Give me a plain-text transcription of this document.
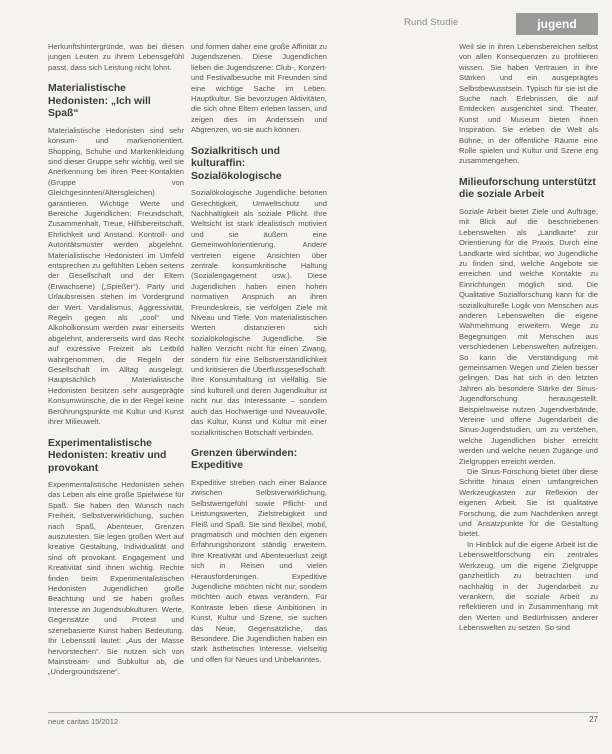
Rund Studie	jugend

Herkunftshintergründe, was bei diesen jungen Leuten zu ihrem Lebensgefühl passt, dass sich Leistung nicht lohnt.

Materialistische Hedonisten: „Ich will Spaß“

Materialistische Hedonisten sind sehr konsum- und markenorientiert. Shopping, Schuhe und Markenkleidung sind dieser Gruppe sehr wichtig, weil sie Anerkennung bei ihren Peer-Kontakten (Gruppe von Gleichgesinnten/Altersgleichen) garantieren. Wichtige Werte und Bereiche Jugendlichen: Freundschaft, Zusammenhalt, Treue, Hilfsbereitschaft, Ehrlichkeit und Anstand. Kontroll- und Autoritätsmuster werden abgelehnt. Materialistische Hedonisten im Umfeld entsprechen zu gefühlten Leben seitens der Gesellschaft und der Eltern (Erwachsene) („Spießer“). Party und Urlaubsreisen stehen im Vordergrund der Wert. Vandalismus, Aggressivität, Regeln gegen als „cool“ und Alkoholkonsum werden zwar einerseits abgelehnt, andererseits wird das Recht auf exzessive Freizeit als Leitbild wahrgenommen, die Regeln der Gesellschaft im Alltag ausgelegt. Hauptsächlich Materialistische Hedonisten besitzen sehr ausgeprägte Konsumwünsche, die in der Regel keine Berührungspunkte mit Kultur und Kunst ihrer Milieuwelt.

Experimentalistische Hedonisten: kreativ und provokant

Experimentalistische Hedonisten sehen das Leben als eine große Spielwiese für Spaß. Sie haben den Wunsch nach Freiheit, Selbstverwirklichung, suchen nach Spaß, Abenteuer, Grenzen auszutesten. Sie legen großen Wert auf kreative Gestaltung, Individualität und sind oft provokant. Engagement und Kreativität sind ihnen wichtig. Rechte finden beim Experimentalistischen Hedonisten Jugendlichen große Beachtung und sie haben großes Interesse an Jugendsubkulturen. Werte, Gegensätze und Protest und szenebasierte Kunst haben Bedeutung. Ihr Lebensstil lautet: „Aus der Masse hervorstechen“. Sie nutzen sich von Mainstream- und Subkultur ab, die „Undergroundszene“.

und formen daher eine große Affinität zu Jugendszenen. Diese Jugendlichen lieben die Jugendszene: Club-, Konzert- und Festivalbesuche mit Freunden sind eine wichtige Sache im Leben. Hauptkultur. Sie bevorzugen Aktivitäten, die sich ohne Eltern erleben lassen, und zeigen dies im Anderssein und Abgrenzen, wo sie auch können.

Sozialkritisch und kulturaffin: Sozialökologische

Sozialökologische Jugendliche betonen Gerechtigkeit, Umweltschutz und Nachhaltigkeit als soziale Pflicht. Ihre Weltsicht ist stark idealistisch motiviert und sie äußern eine Gemeinwohlorientierung. Andere vertreten eigene Ansichten über zentrale konsumkritische Haltung (Sozialengagement usw.). Diese Jugendlichen haben einen hohen normativen Anspruch an ihren Freundeskreis, sie verfolgen Ziele mit Niveau und Tiefe. Von materialistischen Werten distanzieren sich sozialökologische Jugendliche. Sie halten Verzicht nicht für einen Zwang, sondern für eine Selbstverständlichkeit und kritisieren die Überflussgesellschaft. Ihre Konsumhaltung ist vielfältig. Sie sind kulturell und deren Jugendkultur ist nicht nur das Interessante – sondern auch das Hochwertige und Niveauvolle, das Kultur, Kunst und Kultur mit einer sozialkritischen Botschaft verbinden.

Grenzen überwinden: Expeditive

Expeditive streben nach einer Balance zwischen Selbstverwirklichung, Selbstwertgefühl sowie Pflicht- und Leistungswerten, Zielstrebigkeit und Fleiß und Spaß. Sie sind flexibel, mobil, pragmatisch und möchten den eigenen Erfahrungshorizont ständig erweitern. Ihre Kreativität und Abenteuerlust zeigt sich in Reisen und vielen Herausforderungen. Expeditive Jugendliche möchten nicht nur, sondern möchten auch etwas verändern. Für Kontraste leben diese Ambitionen in Kunst, Kultur und Szene, sie suchen das Neue, Gegensätzliche, das Besondere. Die Jugendlichen haben ein stark ästhetisches Interesse, vielseitig und offen für Neues und Unbekanntes.

Weil sie in ihren Lebensbereichen selbst von allen Konsequenzen zu profitieren wissen. Sie haben Vertrauen in ihre Stärken und ein ausgeprägtes Selbstbewusstsein. Typisch für sie ist die Suche nach Erlebnissen, die auf Entdecken ausgerichtet sind. Theater, Kunst und Museum bieten ihnen Inspiration. Sie erleben die Welt als Bühne, in der öffentliche Räume eine Rolle spielen und Kultur und Szene eng zusammengehen.

Milieuforschung unterstützt die soziale Arbeit

Soziale Arbeit bietet Ziele und Aufträge, mit Blick auf die beschriebenen Lebenswelten als „Landkarte“ zur Orientierung für die Praxis. Durch eine Landkarte wird sichtbar, wo Jugendliche zu finden sind, welche Angebote sie erreichen und welche Kontakte zu Einrichtungen möglich sind. Die Qualitative Sozialforschung kann für die sozialkulturelle Logik von Menschen aus anderen Lebenswelten die eigene Wahrnehmung erweitern. Wege zu Begegnungen mit Menschen aus verschiedenen Lebenswelten aufzeigen. So kann die Verständigung mit gemeinsamen Wegen und Zielen besser gelingen. Das hat sich in den letzten Jahren als besondere Stärke der Sinus-Jugendforschung herausgestellt. Beispielsweise nutzen Jugendverbände, Vereine und offene Jugendarbeit die Sinus-Jugendstudien, um zu verstehen, welche Jugendlichen bisher erreicht werden und welche neuen Zugänge und Zielgruppen erreicht werden.

Die Sinus-Forschung bietet über diese Schritte hinaus einen umfangreichen Werkzeugkasten zur Reflexion der eigenen Arbeit. Sie ist qualitative Forschung, die zum Nachdenken anregt und Ansatzpunkte für die Gestaltung bietet.

In Hinblick auf die eigene Arbeit ist die Lebensweltforschung ein zentrales Werkzeug, um die eigene Zielgruppe ganzheitlich zu betrachten und nachhaltig in der Jugendarbeit zu verankern, die soziale Arbeit zu reflektieren und in Zusammenhang mit den Werten und Bedürfnissen anderer Lebenswelten zu setzen. So sind

neue caritas 15/2012	27
